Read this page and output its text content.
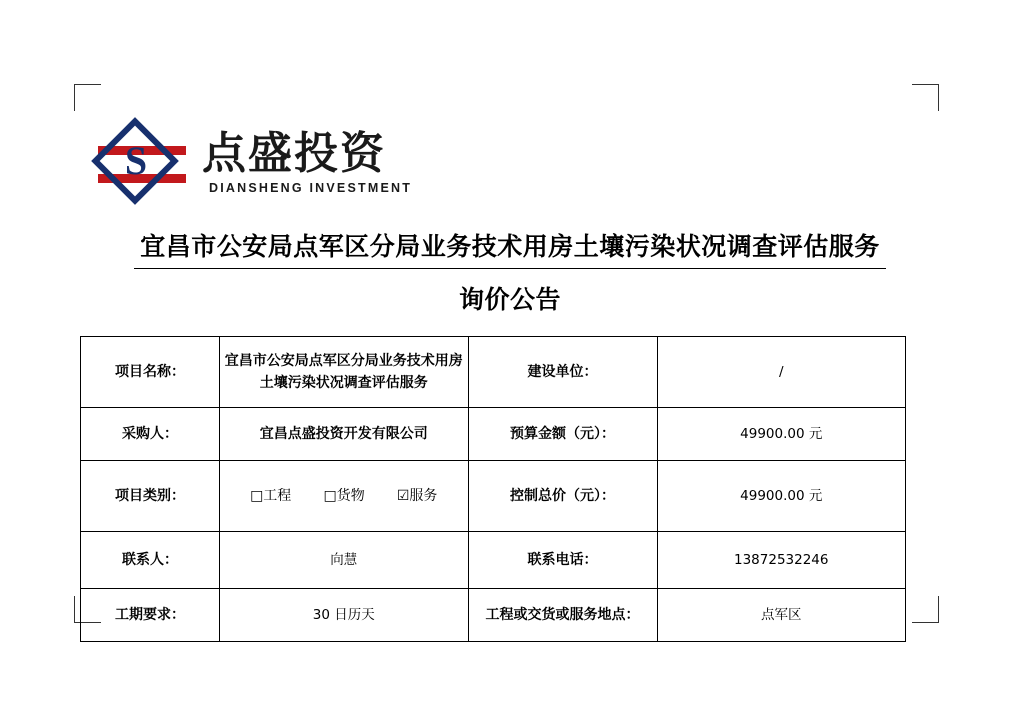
S 点盛投资
DIANSHENG INVESTMENT
宜昌市公安局点军区分局业务技术用房土壤污染状况调查评估服务
询价公告
项目名称：	宜昌市公安局点军区分局业务技术用房土壤污染状况调查评估服务	建设单位：	/
采购人：	宜昌点盛投资开发有限公司	预算金额（元）：	49900.00 元
项目类别：	□工程 □货物 ☑服务	控制总价（元）：	49900.00 元
联系人：	向慧	联系电话：	13872532246
工期要求：	30 日历天	工程或交货或服务地点：	点军区
